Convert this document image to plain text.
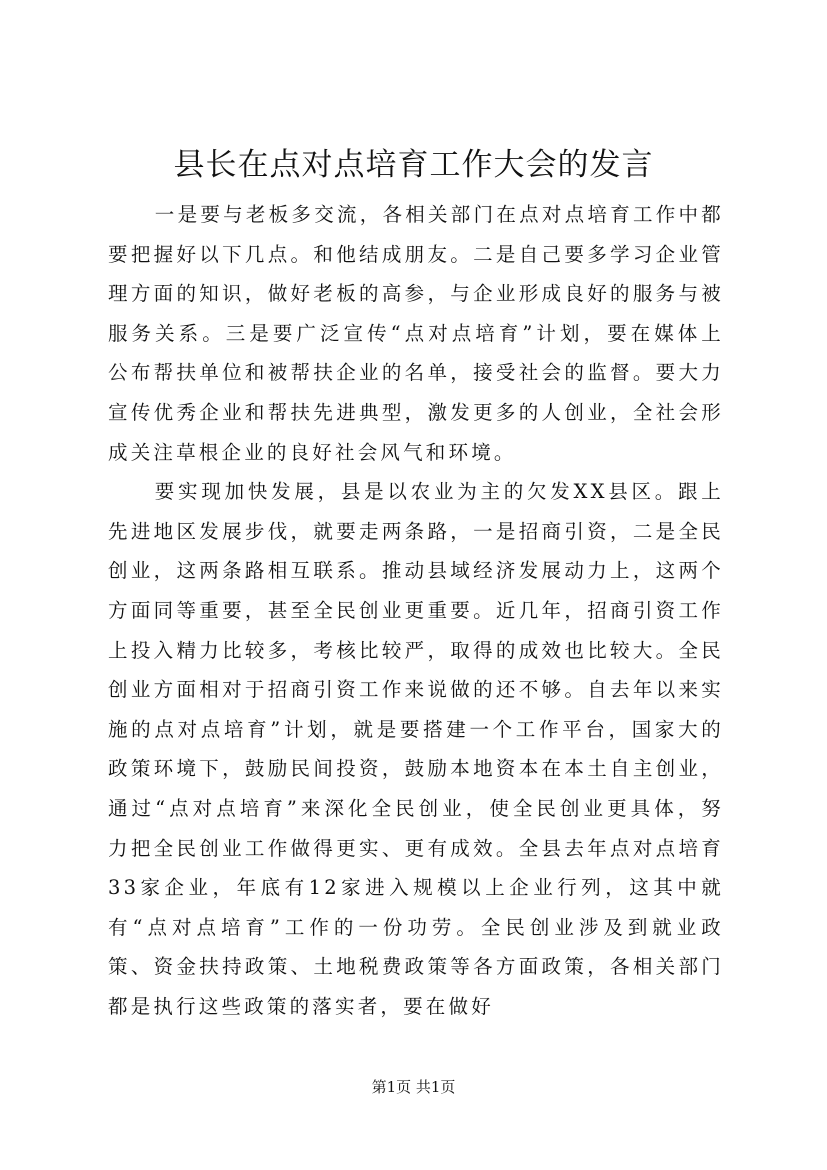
县长在点对点培育工作大会的发言

一是要与老板多交流，各相关部门在点对点培育工作中都要把握好以下几点。和他结成朋友。二是自己要多学习企业管理方面的知识，做好老板的高参，与企业形成良好的服务与被服务关系。三是要广泛宣传“点对点培育”计划，要在媒体上公布帮扶单位和被帮扶企业的名单，接受社会的监督。要大力宣传优秀企业和帮扶先进典型，激发更多的人创业，全社会形成关注草根企业的良好社会风气和环境。

要实现加快发展，县是以农业为主的欠发XX县区。跟上先进地区发展步伐，就要走两条路，一是招商引资，二是全民创业，这两条路相互联系。推动县域经济发展动力上，这两个方面同等重要，甚至全民创业更重要。近几年，招商引资工作上投入精力比较多，考核比较严，取得的成效也比较大。全民创业方面相对于招商引资工作来说做的还不够。自去年以来实施的点对点培育”计划，就是要搭建一个工作平台，国家大的政策环境下，鼓励民间投资，鼓励本地资本在本土自主创业，通过“点对点培育”来深化全民创业，使全民创业更具体，努力把全民创业工作做得更实、更有成效。全县去年点对点培育33家企业，年底有12家进入规模以上企业行列，这其中就有“点对点培育”工作的一份功劳。全民创业涉及到就业政策、资金扶持政策、土地税费政策等各方面政策，各相关部门都是执行这些政策的落实者，要在做好

第1页 共1页
